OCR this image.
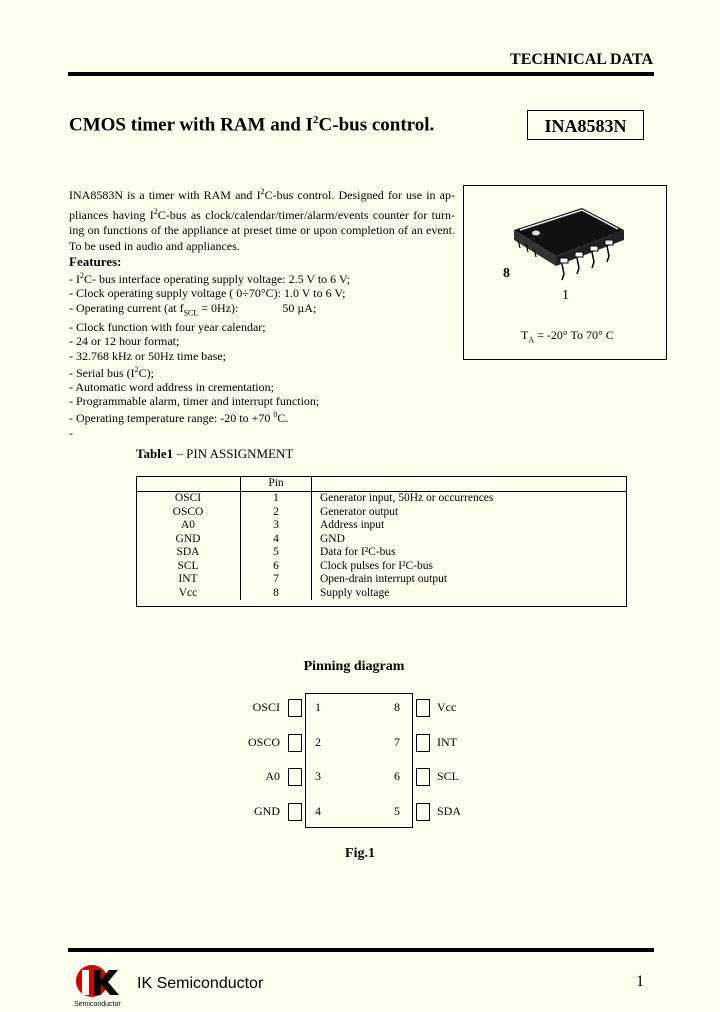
TECHNICAL DATA
CMOS timer with RAM and $I^2C$-bus control.	INA8583N
INA8583N is a timer with RAM and $I^2C$-bus control. Designed for use in ap-pliances having $I^2C$-bus as clock/calendar/timer/alarm/events counter for turn-ing on functions of the appliance at preset time or upon completion of an event. To be used in audio and appliances.
8
1
$T_A = -20^\circ$ To 70° C
Features:
- $I^2C-$ bus interface operating supply voltage: 2.5 V to 6 V;
- Clock operating supply voltage ( 0÷70°C): 1.0 V to 6 V;
- Operating current (at $f_{SCL} = 0Hz$):	50 µA;
- Clock function with four year calendar;
- 24 or 12 hour format;
- 32.768 kHz or 50Hz time base;
- Serial bus $(I^2C)$;
- Automatic word address in crementation;
- Programmable alarm, timer and interrupt function;
- Operating temperature range: -20 to +70 $^0$C.
-
Table1 – PIN ASSIGNMENT
	Pin	
OSCI	1	Generator input, 50Hz or occurrences
OSCO	2	Generator output
A0	3	Address input
GND	4	GND
SDA	5	Data for I²C-bus
SCL	6	Clock pulses for I²C-bus
INT	7	Open-drain interrupt output
Vcc	8	Supply voltage
Pinning diagram
OSCI	1
OSCO	2
A0	3
GND	4
Vcc
8
INT
7
SCL
6
SDA
5
Fig.1
Semiconductor
IK Semiconductor	1
